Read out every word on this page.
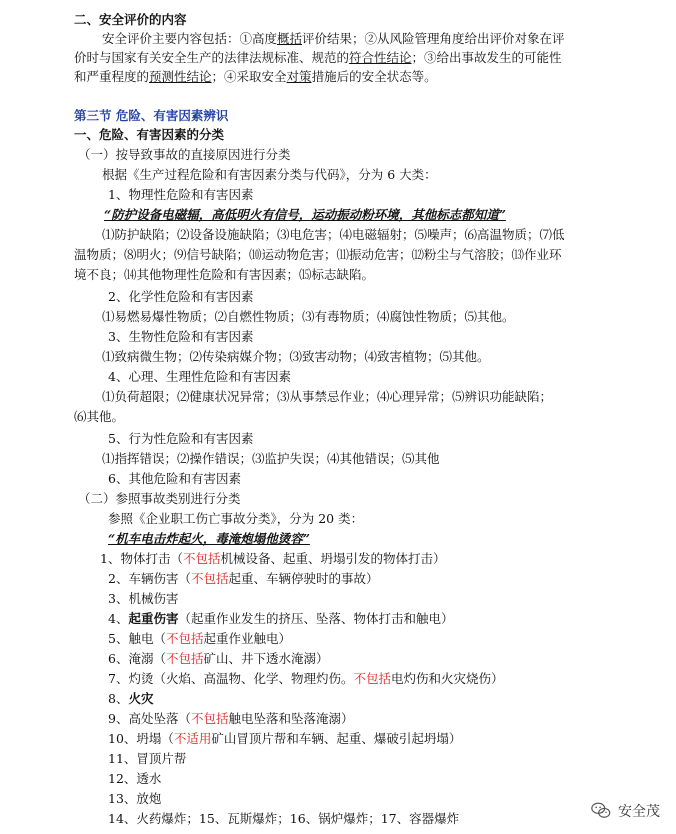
二、安全评价的内容
安全评价主要内容包括：①高度概括评价结果；②从风险管理角度给出评价对象在评
价时与国家有关安全生产的法律法规标准、规范的符合性结论；③给出事故发生的可能性
和严重程度的预测性结论；④采取安全对策措施后的安全状态等。
第三节 危险、有害因素辨识
一、危险、有害因素的分类
（一）按导致事故的直接原因进行分类
根据《生产过程危险和有害因素分类与代码》，分为 6 大类：
1、物理性危险和有害因素
“防护设备电磁辐，高低明火有信号，运动振动粉环境，其他标志都知道”
⑴防护缺陷；⑵设备设施缺陷；⑶电危害；⑷电磁辐射；⑸噪声；⑹高温物质；⑺低
温物质；⑻明火；⑼信号缺陷；⑽运动物危害；⑾振动危害；⑿粉尘与气溶胶；⒀作业环
境不良；⒁其他物理性危险和有害因素；⒂标志缺陷。
2、化学性危险和有害因素
⑴易燃易爆性物质；⑵自燃性物质；⑶有毒物质；⑷腐蚀性物质；⑸其他。
3、生物性危险和有害因素
⑴致病微生物；⑵传染病媒介物；⑶致害动物；⑷致害植物；⑸其他。
4、心理、生理性危险和有害因素
⑴负荷超限；⑵健康状况异常；⑶从事禁忌作业；⑷心理异常；⑸辨识功能缺陷；
⑹其他。
5、行为性危险和有害因素
⑴指挥错误；⑵操作错误；⑶监护失误；⑷其他错误；⑸其他
6、其他危险和有害因素
（二）参照事故类别进行分类
参照《企业职工伤亡事故分类》，分为 20 类：
“机车电击炸起火，毒淹炮塌他烫容”
1、物体打击（不包括机械设备、起重、坍塌引发的物体打击）
2、车辆伤害（不包括起重、车辆停驶时的事故）
3、机械伤害
4、起重伤害（起重作业发生的挤压、坠落、物体打击和触电）
5、触电（不包括起重作业触电）
6、淹溺（不包括矿山、井下透水淹溺）
7、灼烫（火焰、高温物、化学、物理灼伤。不包括电灼伤和火灾烧伤）
8、火灾
9、高处坠落（不包括触电坠落和坠落淹溺）
10、坍塌（不适用矿山冒顶片帮和车辆、起重、爆破引起坍塌）
11、冒顶片帮
12、透水
13、放炮
14、火药爆炸；15、瓦斯爆炸；16、锅炉爆炸；17、容器爆炸	安全茂
